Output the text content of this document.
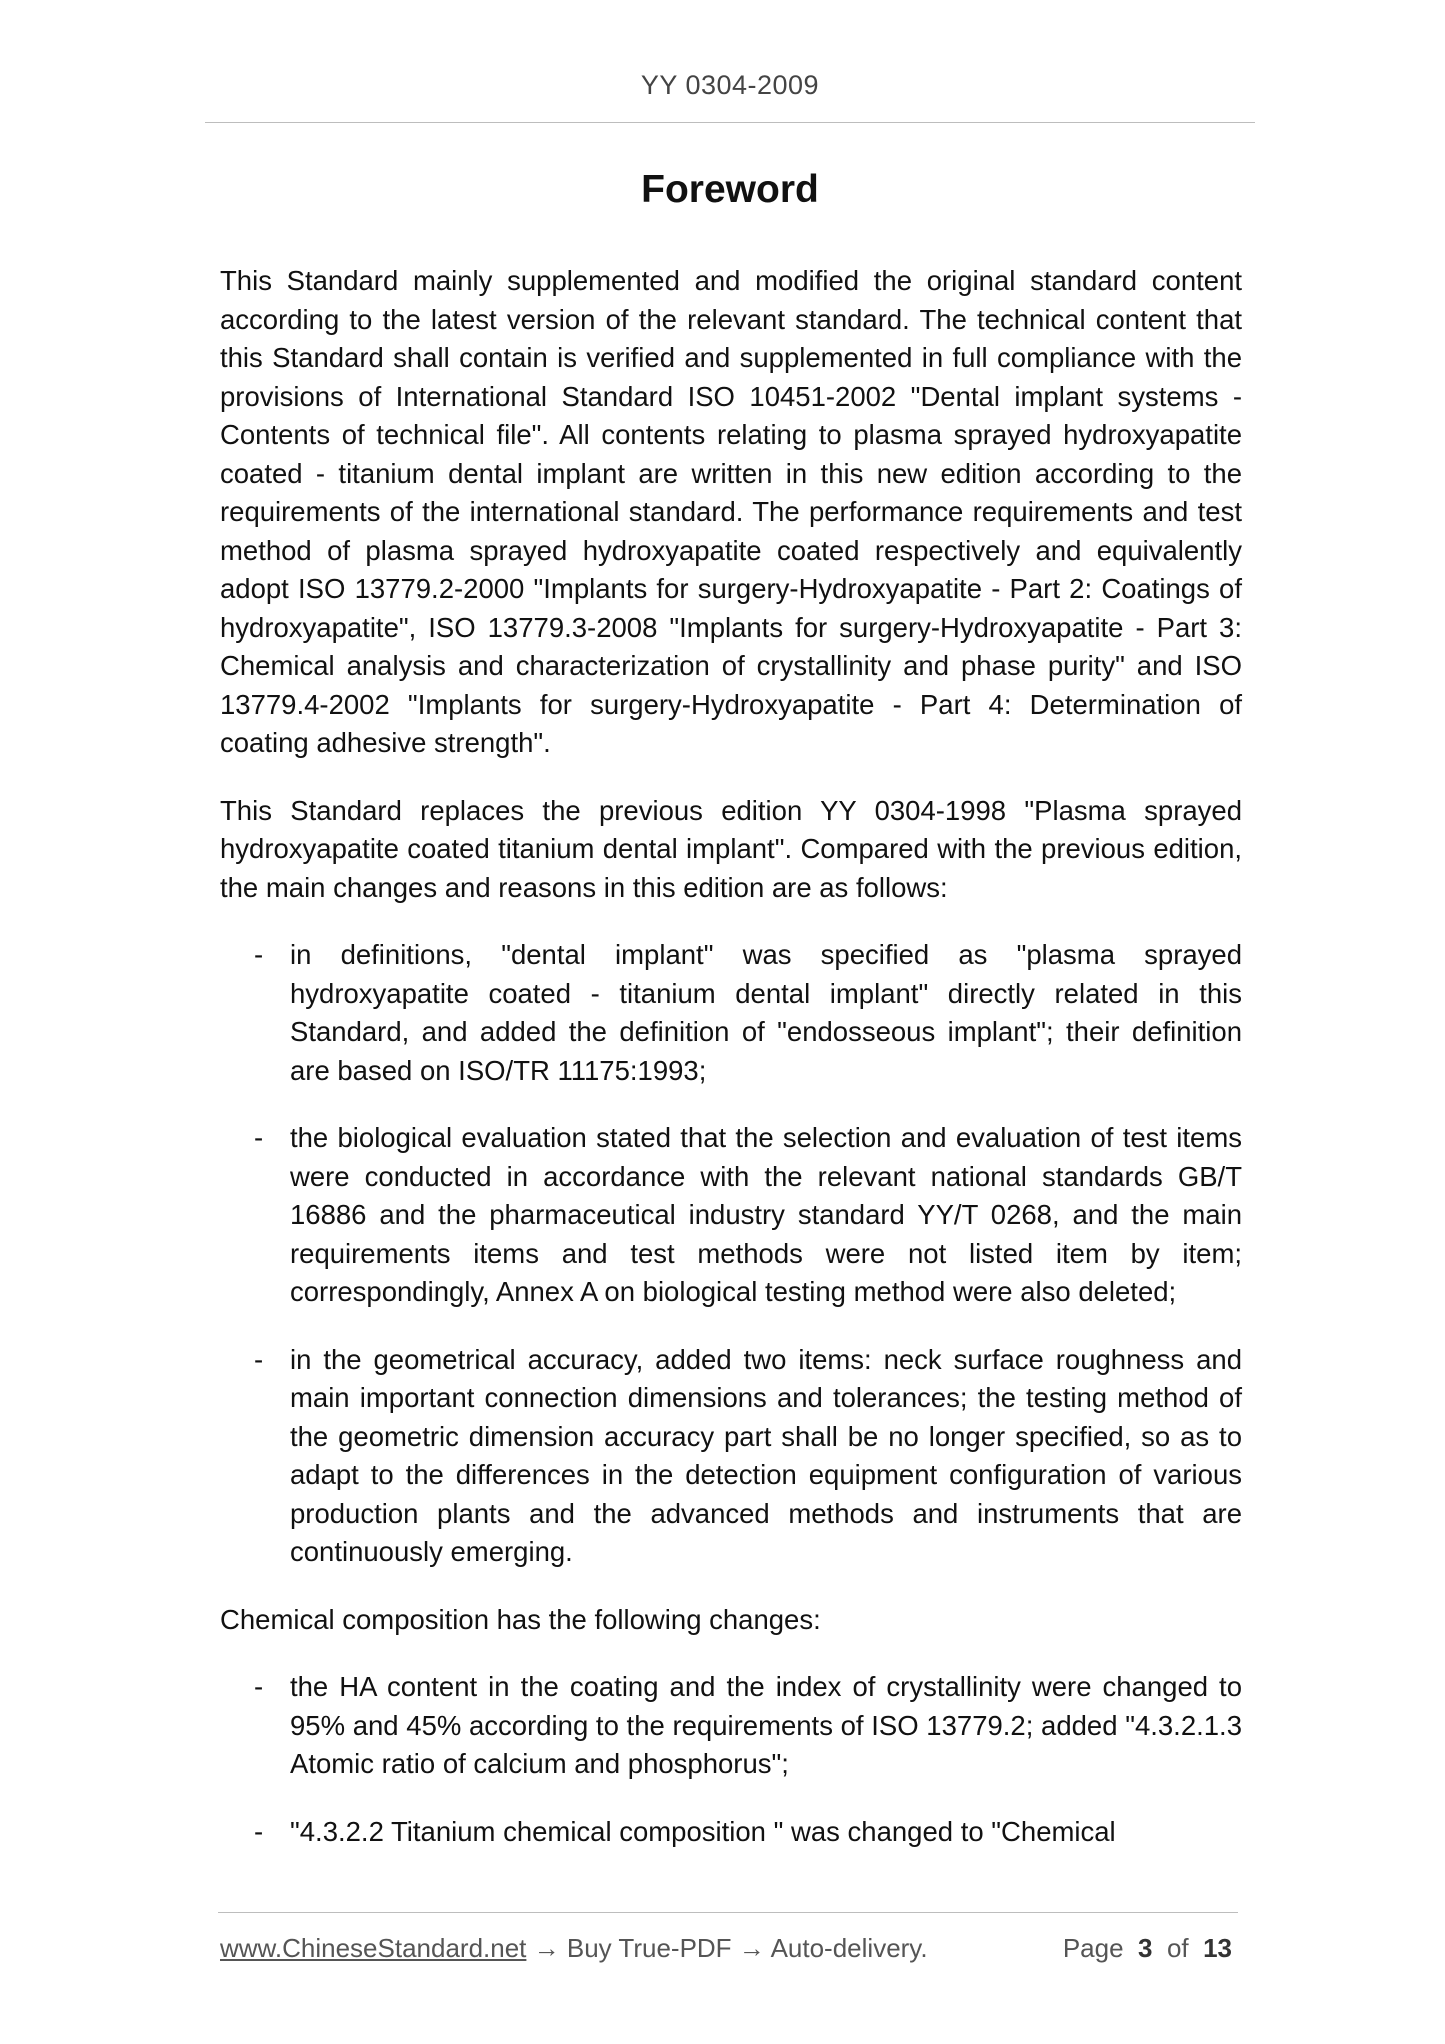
YY 0304-2009
Foreword

This Standard mainly supplemented and modified the original standard content according to the latest version of the relevant standard. The technical content that this Standard shall contain is verified and supplemented in full compliance with the provisions of International Standard ISO 10451-2002 "Dental implant systems - Contents of technical file". All contents relating to plasma sprayed hydroxyapatite coated - titanium dental implant are written in this new edition according to the requirements of the international standard. The performance requirements and test method of plasma sprayed hydroxyapatite coated respectively and equivalently adopt ISO 13779.2-2000 "Implants for surgery-Hydroxyapatite - Part 2: Coatings of hydroxyapatite", ISO 13779.3-2008 "Implants for surgery-Hydroxyapatite - Part 3: Chemical analysis and characterization of crystallinity and phase purity" and ISO 13779.4-2002 "Implants for surgery-Hydroxyapatite - Part 4: Determination of coating adhesive strength".

This Standard replaces the previous edition YY 0304-1998 "Plasma sprayed hydroxyapatite coated titanium dental implant". Compared with the previous edition, the main changes and reasons in this edition are as follows:

- in definitions, "dental implant" was specified as "plasma sprayed hydroxyapatite coated - titanium dental implant" directly related in this Standard, and added the definition of "endosseous implant"; their definition are based on ISO/TR 11175:1993;
- the biological evaluation stated that the selection and evaluation of test items were conducted in accordance with the relevant national standards GB/T 16886 and the pharmaceutical industry standard YY/T 0268, and the main requirements items and test methods were not listed item by item; correspondingly, Annex A on biological testing method were also deleted;
- in the geometrical accuracy, added two items: neck surface roughness and main important connection dimensions and tolerances; the testing method of the geometric dimension accuracy part shall be no longer specified, so as to adapt to the differences in the detection equipment configuration of various production plants and the advanced methods and instruments that are continuously emerging.

Chemical composition has the following changes:

- the HA content in the coating and the index of crystallinity were changed to 95% and 45% according to the requirements of ISO 13779.2; added "4.3.2.1.3 Atomic ratio of calcium and phosphorus";
- "4.3.2.2 Titanium chemical composition " was changed to "Chemical
www.ChineseStandard.net → Buy True-PDF → Auto-delivery.	Page 3 of 13
